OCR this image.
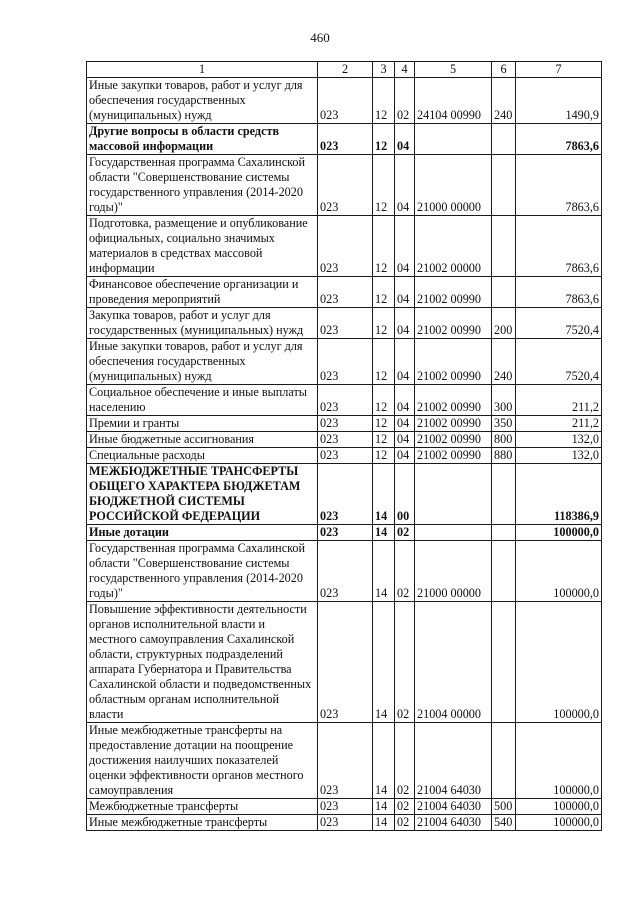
460
1	2	3	4	5	6	7
Иные закупки товаров, работ и услуг для обеспечения государственных (муниципальных) нужд	023	12	02	24104 00990	240	1490,9
Другие вопросы в области средств массовой информации	023	12	04			7863,6
Государственная программа Сахалинской области "Совершенствование системы государственного управления (2014-2020 годы)"	023	12	04	21000 00000		7863,6
Подготовка, размещение и опубликование официальных, социально значимых материалов в средствах массовой информации	023	12	04	21002 00000		7863,6
Финансовое обеспечение организации и проведения мероприятий	023	12	04	21002 00990		7863,6
Закупка товаров, работ и услуг для государственных (муниципальных) нужд	023	12	04	21002 00990	200	7520,4
Иные закупки товаров, работ и услуг для обеспечения государственных (муниципальных) нужд	023	12	04	21002 00990	240	7520,4
Социальное обеспечение и иные выплаты населению	023	12	04	21002 00990	300	211,2
Премии и гранты	023	12	04	21002 00990	350	211,2
Иные бюджетные ассигнования	023	12	04	21002 00990	800	132,0
Специальные расходы	023	12	04	21002 00990	880	132,0
МЕЖБЮДЖЕТНЫЕ ТРАНСФЕРТЫ ОБЩЕГО ХАРАКТЕРА БЮДЖЕТАМ БЮДЖЕТНОЙ СИСТЕМЫ РОССИЙСКОЙ ФЕДЕРАЦИИ	023	14	00			118386,9
Иные дотации	023	14	02			100000,0
Государственная программа Сахалинской области "Совершенствование системы государственного управления (2014-2020 годы)"	023	14	02	21000 00000		100000,0
Повышение эффективности деятельности органов исполнительной власти и местного самоуправления Сахалинской области, структурных подразделений аппарата Губернатора и Правительства Сахалинской области и подведомственных областным органам исполнительной власти	023	14	02	21004 00000		100000,0
Иные межбюджетные трансферты на предоставление дотации на поощрение достижения наилучших показателей оценки эффективности органов местного самоуправления	023	14	02	21004 64030		100000,0
Межбюджетные трансферты	023	14	02	21004 64030	500	100000,0
Иные межбюджетные трансферты	023	14	02	21004 64030	540	100000,0
